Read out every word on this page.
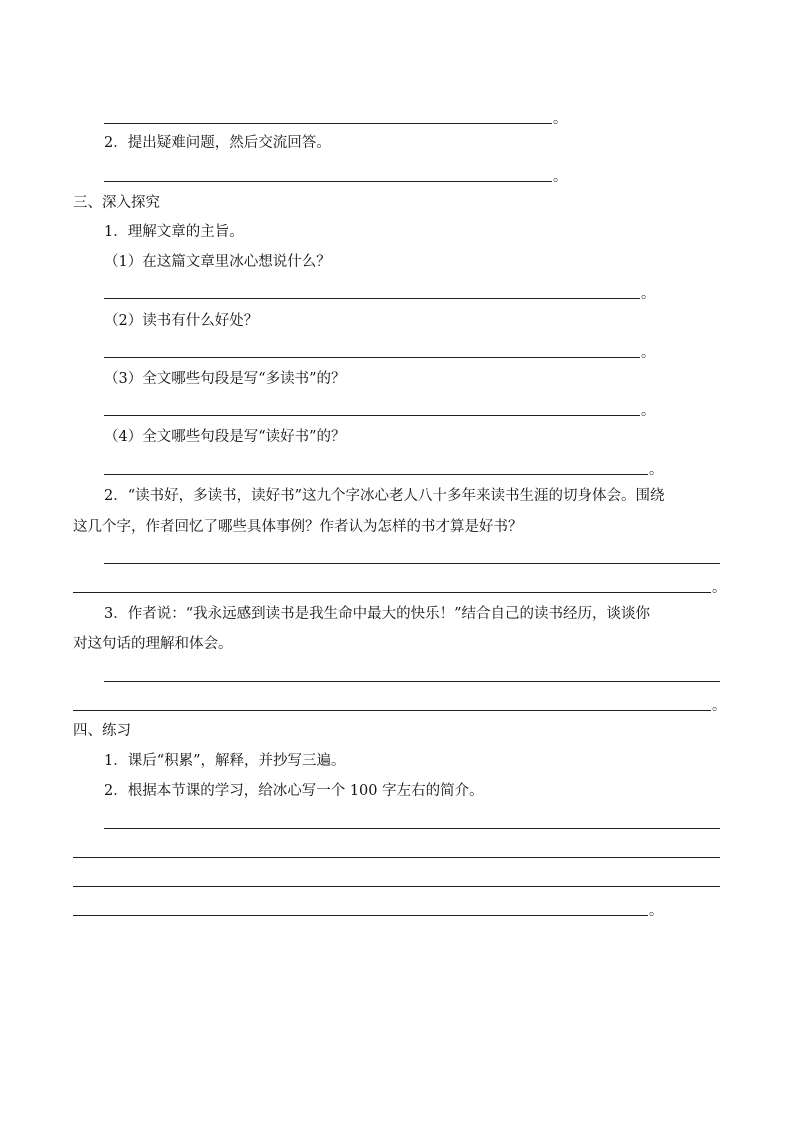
。
2．提出疑难问题，然后交流回答。
。
三、深入探究
1．理解文章的主旨。
（1）在这篇文章里冰心想说什么？
。
（2）读书有什么好处？
。
（3）全文哪些句段是写“多读书”的？
。
（4）全文哪些句段是写“读好书”的？
。
2．“读书好，多读书，读好书”这九个字冰心老人八十多年来读书生涯的切身体会。围绕
这几个字，作者回忆了哪些具体事例？作者认为怎样的书才算是好书？
。
3．作者说：“我永远感到读书是我生命中最大的快乐！”结合自己的读书经历，谈谈你
对这句话的理解和体会。
。
四、练习
1．课后“积累”，解释，并抄写三遍。
2．根据本节课的学习，给冰心写一个 100 字左右的简介。
。
